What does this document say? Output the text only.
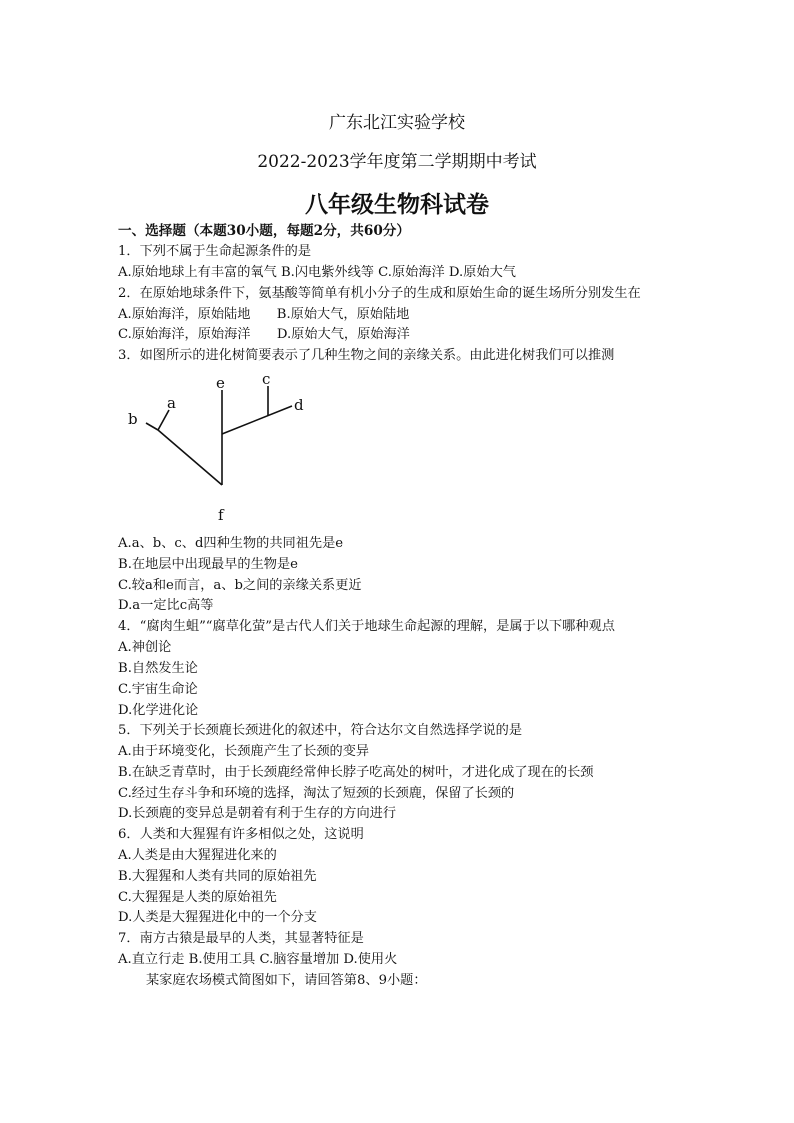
广东北江实验学校
2022-2023学年度第二学期期中考试
八年级生物科试卷
一、选择题（本题30小题，每题2分，共60分）
1．下列不属于生命起源条件的是
A.原始地球上有丰富的氧气 B.闪电紫外线等 C.原始海洋 D.原始大气
2．在原始地球条件下，氨基酸等简单有机小分子的生成和原始生命的诞生场所分别发生在
A.原始海洋，原始陆地　　B.原始大气，原始陆地
C.原始海洋，原始海洋　　D.原始大气，原始海洋
3．如图所示的进化树简要表示了几种生物之间的亲缘关系。由此进化树我们可以推测
a
b
c
d
e
f
A.a、b、c、d四种生物的共同祖先是e
B.在地层中出现最早的生物是e
C.较a和e而言，a、b之间的亲缘关系更近
D.a一定比c高等
4．“腐肉生蛆”“腐草化萤”是古代人们关于地球生命起源的理解，是属于以下哪种观点
A.神创论
B.自然发生论
C.宇宙生命论
D.化学进化论
5．下列关于长颈鹿长颈进化的叙述中，符合达尔文自然选择学说的是
A.由于环境变化，长颈鹿产生了长颈的变异
B.在缺乏青草时，由于长颈鹿经常伸长脖子吃高处的树叶，才进化成了现在的长颈
C.经过生存斗争和环境的选择，淘汰了短颈的长颈鹿，保留了长颈的
D.长颈鹿的变异总是朝着有利于生存的方向进行
6．人类和大猩猩有许多相似之处，这说明
A.人类是由大猩猩进化来的
B.大猩猩和人类有共同的原始祖先
C.大猩猩是人类的原始祖先
D.人类是大猩猩进化中的一个分支
7．南方古猿是最早的人类，其显著特征是
A.直立行走 B.使用工具 C.脑容量增加 D.使用火
某家庭农场模式简图如下，请回答第8、9小题：
